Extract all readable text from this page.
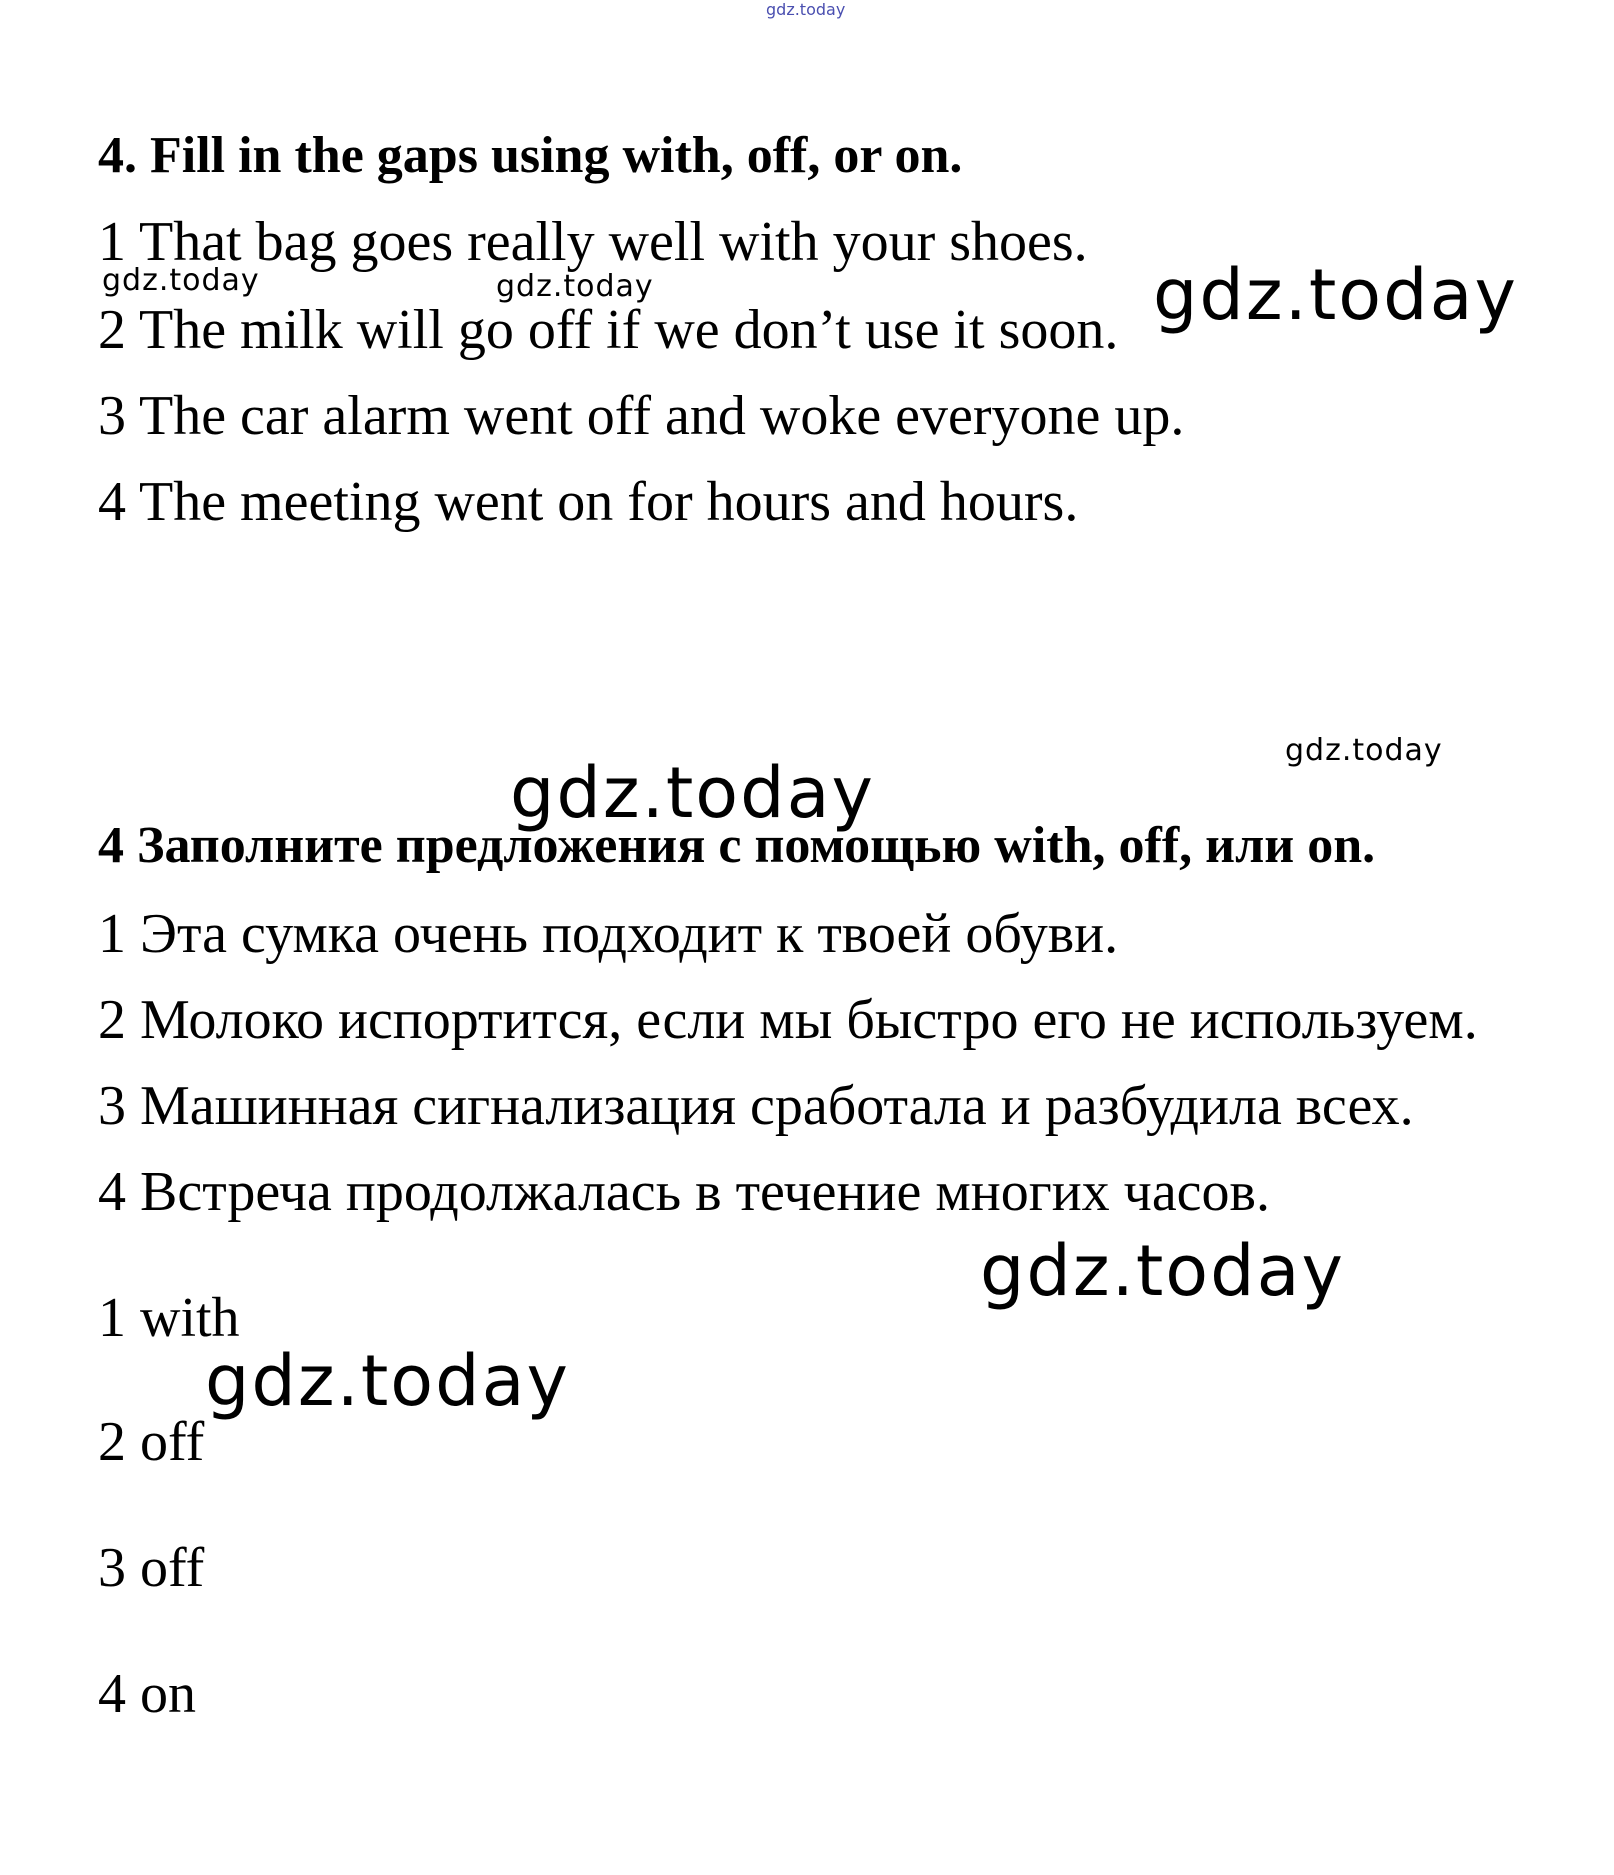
gdz.today
gdz.today	gdz.today	gdz.today
gdz.today
gdz.today
gdz.today
gdz.today
4. Fill in the gaps using with, off, or on.
1 That bag goes really well with your shoes.
2 The milk will go off if we don’t use it soon.
3 The car alarm went off and woke everyone up.
4 The meeting went on for hours and hours.
4 Заполните предложения с помощью with, off, или on.
1 Эта сумка очень подходит к твоей обуви.
2 Молоко испортится, если мы быстро его не используем.
3 Машинная сигнализация сработала и разбудила всех.
4 Встреча продолжалась в течение многих часов.
1 with
2 off
3 off
4 on
